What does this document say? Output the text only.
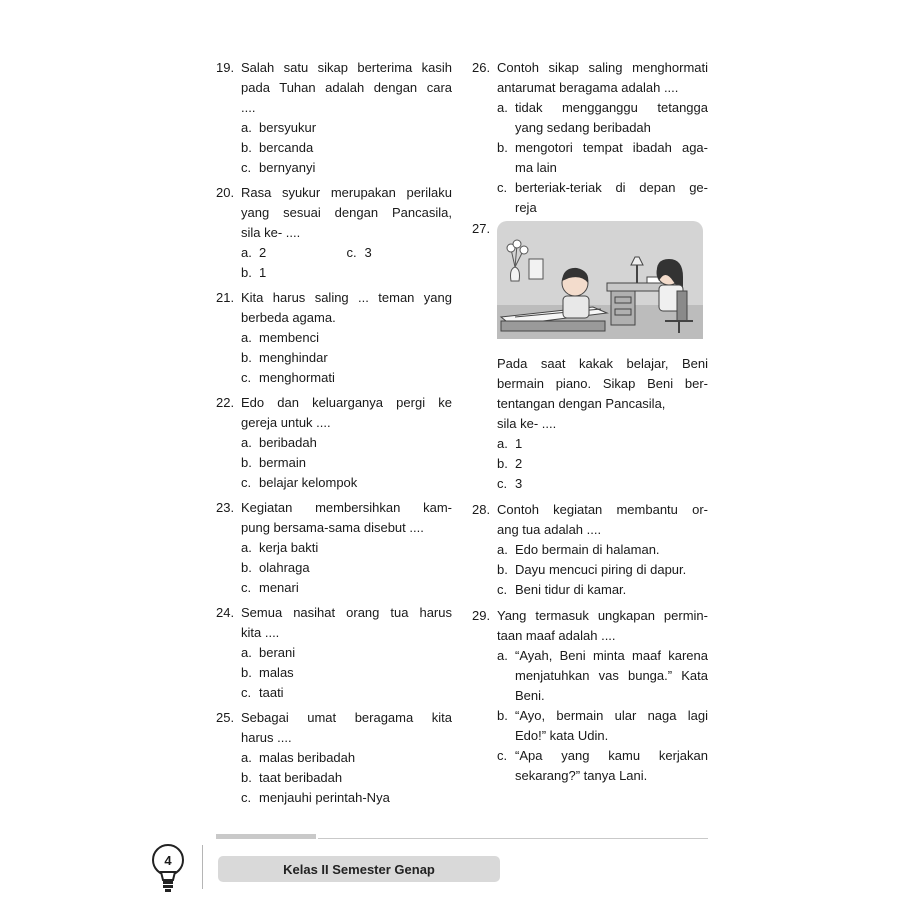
19. Salah satu sikap berterima kasih
pada Tuhan adalah dengan cara
....
a. bersyukur
b. bercanda
c. bernyanyi
20. Rasa syukur merupakan perilaku
yang sesuai dengan Pancasila,
sila ke- ....
a. 2	c. 3
b. 1
21. Kita harus saling ... teman yang
berbeda agama.
a. membenci
b. menghindar
c. menghormati
22. Edo dan keluarganya pergi ke
gereja untuk ....
a. beribadah
b. bermain
c. belajar kelompok
23. Kegiatan membersihkan kam-
pung bersama-sama disebut ....
a. kerja bakti
b. olahraga
c. menari
24. Semua nasihat orang tua harus
kita ....
a. berani
b. malas
c. taati
25. Sebagai umat beragama kita
harus ....
a. malas beribadah
b. taat beribadah
c. menjauhi perintah-Nya
26. Contoh sikap saling menghormati
antarumat beragama adalah ....
a. tidak mengganggu tetangga
yang sedang beribadah
b. mengotori tempat ibadah aga-
ma lain
c. berteriak-teriak di depan ge-
reja
27.
Pada saat kakak belajar, Beni
bermain piano. Sikap Beni ber-
tentangan dengan Pancasila,
sila ke- ....
a. 1
b. 2
c. 3
28. Contoh kegiatan membantu or-
ang tua adalah ....
a. Edo bermain di halaman.
b. Dayu mencuci piring di dapur.
c. Beni tidur di kamar.
29. Yang termasuk ungkapan permin-
taan maaf adalah ....
a. “Ayah, Beni minta maaf karena
menjatuhkan vas bunga.” Kata
Beni.
b. “Ayo, bermain ular naga lagi
Edo!” kata Udin.
c. “Apa yang kamu kerjakan
sekarang?” tanya Lani.
4
Kelas II Semester Genap
